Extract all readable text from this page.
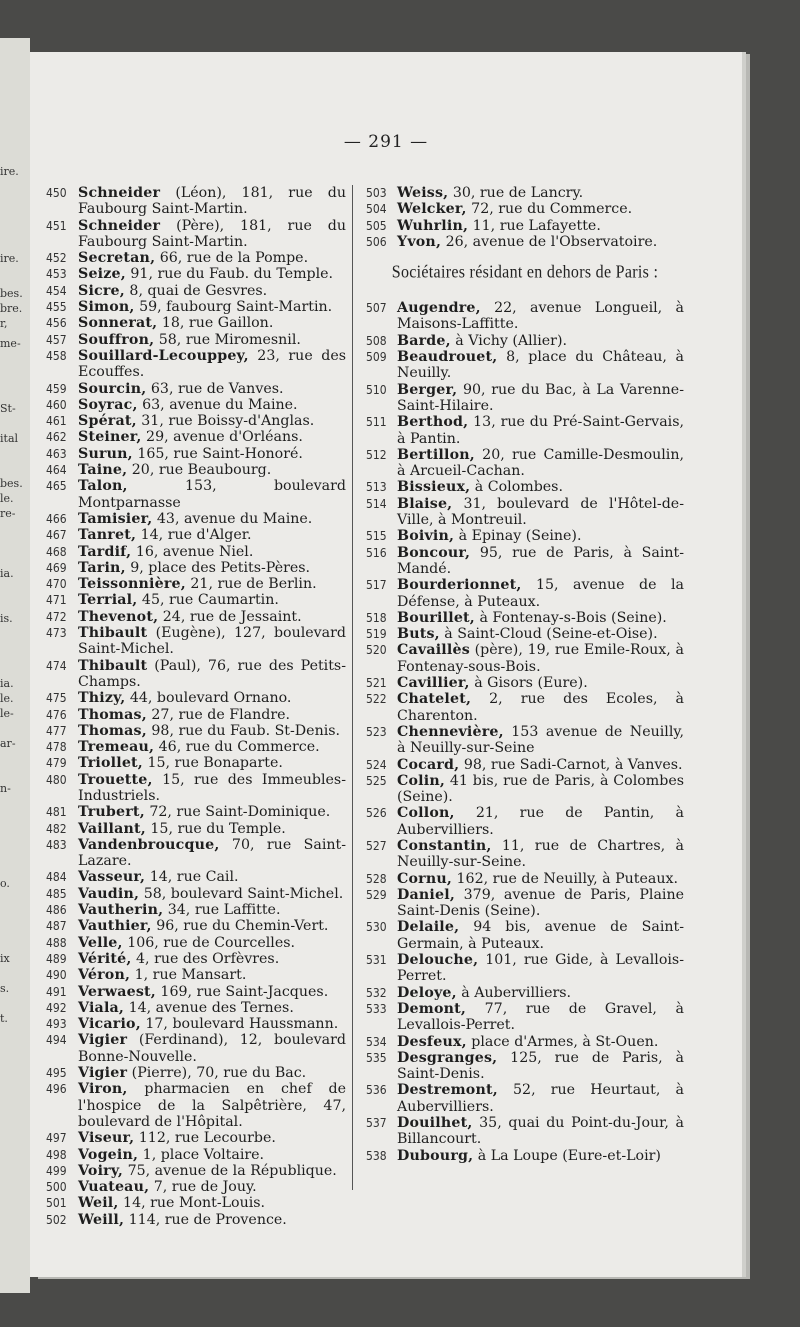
ire.
ire.
bes.
bre.
r,
me-
St-
ital
bes.
le.
re-
ia.
is.
ia.
le.
le-
ar-
n-
o.
ix
s.
t.
— 291 —
450 Schneider (Léon), 181, rue du Faubourg Saint-Martin.
451 Schneider (Père), 181, rue du Faubourg Saint-Martin.
452 Secretan, 66, rue de la Pompe.
453 Seize, 91, rue du Faub. du Temple.
454 Sicre, 8, quai de Gesvres.
455 Simon, 59, faubourg Saint-Martin.
456 Sonnerat, 18, rue Gaillon.
457 Souffron, 58, rue Miromesnil.
458 Souillard-Lecouppey, 23, rue des Ecouffes.
459 Sourcin, 63, rue de Vanves.
460 Soyrac, 63, avenue du Maine.
461 Spérat, 31, rue Boissy-d'Anglas.
462 Steiner, 29, avenue d'Orléans.
463 Surun, 165, rue Saint-Honoré.
464 Taine, 20, rue Beaubourg.
465 Talon, 153, boulevard Montparnasse
466 Tamisier, 43, avenue du Maine.
467 Tanret, 14, rue d'Alger.
468 Tardif, 16, avenue Niel.
469 Tarin, 9, place des Petits-Pères.
470 Teissonnière, 21, rue de Berlin.
471 Terrial, 45, rue Caumartin.
472 Thevenot, 24, rue de Jessaint.
473 Thibault (Eugène), 127, boulevard Saint-Michel.
474 Thibault (Paul), 76, rue des Petits-Champs.
475 Thizy, 44, boulevard Ornano.
476 Thomas, 27, rue de Flandre.
477 Thomas, 98, rue du Faub. St-Denis.
478 Tremeau, 46, rue du Commerce.
479 Triollet, 15, rue Bonaparte.
480 Trouette, 15, rue des Immeubles-Industriels.
481 Trubert, 72, rue Saint-Dominique.
482 Vaillant, 15, rue du Temple.
483 Vandenbroucque, 70, rue Saint-Lazare.
484 Vasseur, 14, rue Cail.
485 Vaudin, 58, boulevard Saint-Michel.
486 Vautherin, 34, rue Laffitte.
487 Vauthier, 96, rue du Chemin-Vert.
488 Velle, 106, rue de Courcelles.
489 Vérité, 4, rue des Orfèvres.
490 Véron, 1, rue Mansart.
491 Verwaest, 169, rue Saint-Jacques.
492 Viala, 14, avenue des Ternes.
493 Vicario, 17, boulevard Haussmann.
494 Vigier (Ferdinand), 12, boulevard Bonne-Nouvelle.
495 Vigier (Pierre), 70, rue du Bac.
496 Viron, pharmacien en chef de l'hospice de la Salpêtrière, 47, boulevard de l'Hôpital.
497 Viseur, 112, rue Lecourbe.
498 Vogein, 1, place Voltaire.
499 Voiry, 75, avenue de la République.
500 Vuateau, 7, rue de Jouy.
501 Weil, 14, rue Mont-Louis.
502 Weill, 114, rue de Provence.
503 Weiss, 30, rue de Lancry.
504 Welcker, 72, rue du Commerce.
505 Wuhrlin, 11, rue Lafayette.
506 Yvon, 26, avenue de l'Observatoire.
Sociétaires résidant en dehors de Paris :
507 Augendre, 22, avenue Longueil, à Maisons-Laffitte.
508 Barde, à Vichy (Allier).
509 Beaudrouet, 8, place du Château, à Neuilly.
510 Berger, 90, rue du Bac, à La Varenne-Saint-Hilaire.
511 Berthod, 13, rue du Pré-Saint-Gervais, à Pantin.
512 Bertillon, 20, rue Camille-Desmoulin, à Arcueil-Cachan.
513 Bissieux, à Colombes.
514 Blaise, 31, boulevard de l'Hôtel-de-Ville, à Montreuil.
515 Boivin, à Epinay (Seine).
516 Boncour, 95, rue de Paris, à Saint-Mandé.
517 Bourderionnet, 15, avenue de la Défense, à Puteaux.
518 Bourillet, à Fontenay-s-Bois (Seine).
519 Buts, à Saint-Cloud (Seine-et-Oise).
520 Cavaillès (père), 19, rue Emile-Roux, à Fontenay-sous-Bois.
521 Cavillier, à Gisors (Eure).
522 Chatelet, 2, rue des Ecoles, à Charenton.
523 Chennevière, 153 avenue de Neuilly, à Neuilly-sur-Seine
524 Cocard, 98, rue Sadi-Carnot, à Vanves.
525 Colin, 41 bis, rue de Paris, à Colombes (Seine).
526 Collon, 21, rue de Pantin, à Aubervilliers.
527 Constantin, 11, rue de Chartres, à Neuilly-sur-Seine.
528 Cornu, 162, rue de Neuilly, à Puteaux.
529 Daniel, 379, avenue de Paris, Plaine Saint-Denis (Seine).
530 Delaile, 94 bis, avenue de Saint-Germain, à Puteaux.
531 Delouche, 101, rue Gide, à Levallois-Perret.
532 Deloye, à Aubervilliers.
533 Demont, 77, rue de Gravel, à Levallois-Perret.
534 Desfeux, place d'Armes, à St-Ouen.
535 Desgranges, 125, rue de Paris, à Saint-Denis.
536 Destremont, 52, rue Heurtaut, à Aubervilliers.
537 Douilhet, 35, quai du Point-du-Jour, à Billancourt.
538 Dubourg, à La Loupe (Eure-et-Loir)
